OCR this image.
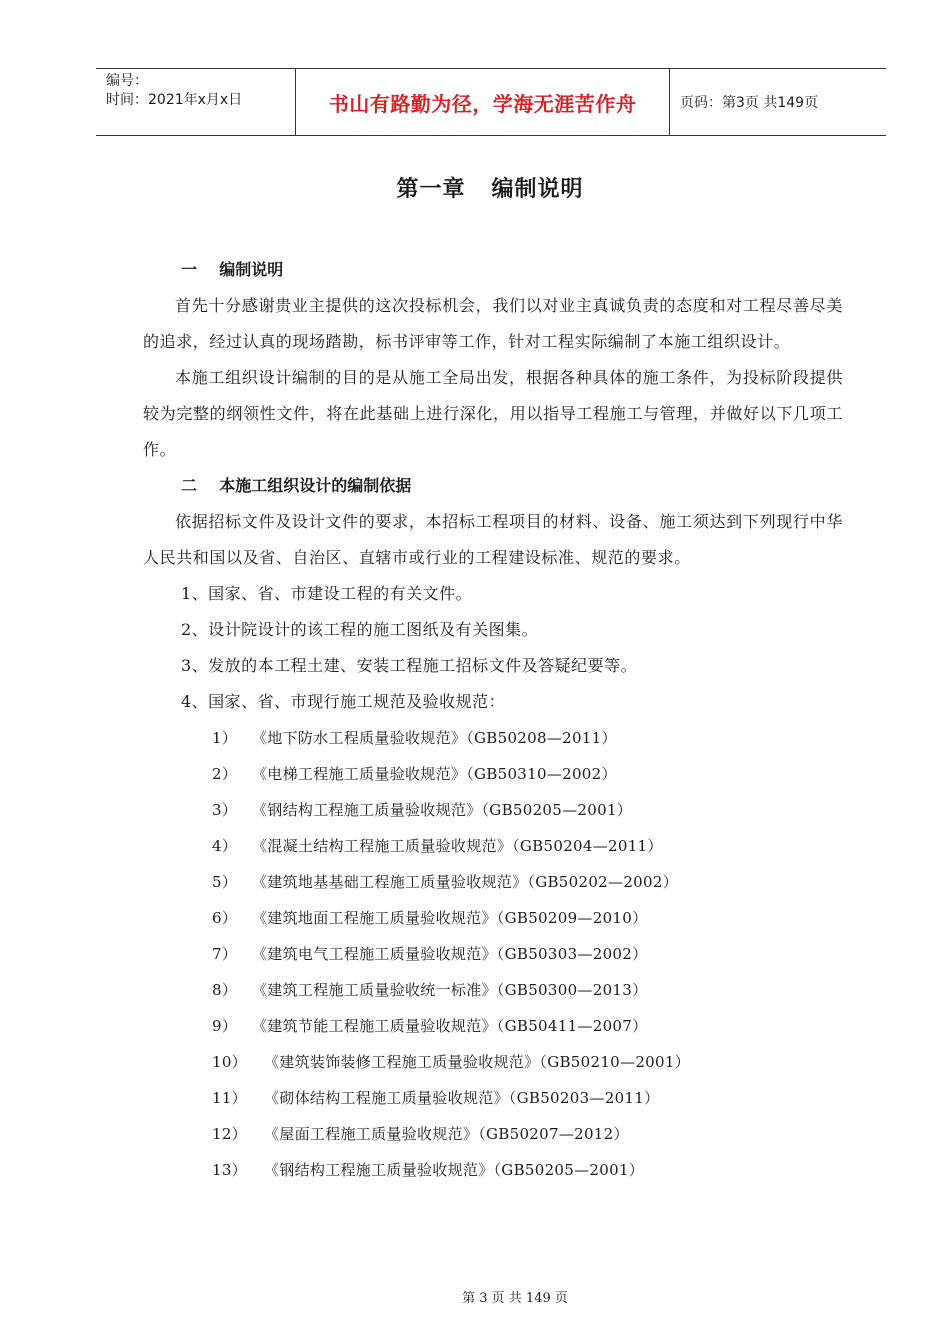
编号：
时间：2021年x月x日	书山有路勤为径，学海无涯苦作舟	页码：第3页 共149页
第一章   编制说明
一    编制说明
首先十分感谢贵业主提供的这次投标机会，我们以对业主真诚负责的态度和对工程尽善尽美的追求，经过认真的现场踏勘，标书评审等工作，针对工程实际编制了本施工组织设计。
本施工组织设计编制的目的是从施工全局出发，根据各种具体的施工条件，为投标阶段提供较为完整的纲领性文件，将在此基础上进行深化，用以指导工程施工与管理，并做好以下几项工作。
二    本施工组织设计的编制依据
依据招标文件及设计文件的要求，本招标工程项目的材料、设备、施工须达到下列现行中华人民共和国以及省、自治区、直辖市或行业的工程建设标准、规范的要求。
1、国家、省、市建设工程的有关文件。
2、设计院设计的该工程的施工图纸及有关图集。
3、发放的本工程土建、安装工程施工招标文件及答疑纪要等。
4、国家、省、市现行施工规范及验收规范：
1） 《地下防水工程质量验收规范》（GB50208—2011）
2） 《电梯工程施工质量验收规范》（GB50310—2002）
3） 《钢结构工程施工质量验收规范》（GB50205—2001）
4） 《混凝土结构工程施工质量验收规范》（GB50204—2011）
5） 《建筑地基基础工程施工质量验收规范》（GB50202—2002）
6） 《建筑地面工程施工质量验收规范》（GB50209—2010）
7） 《建筑电气工程施工质量验收规范》（GB50303—2002）
8） 《建筑工程施工质量验收统一标准》（GB50300—2013）
9） 《建筑节能工程施工质量验收规范》（GB50411—2007）
10） 《建筑装饰装修工程施工质量验收规范》（GB50210—2001）
11） 《砌体结构工程施工质量验收规范》（GB50203—2011）
12） 《屋面工程施工质量验收规范》（GB50207—2012）
13） 《钢结构工程施工质量验收规范》（GB50205—2001）
第 3 页 共 149 页
